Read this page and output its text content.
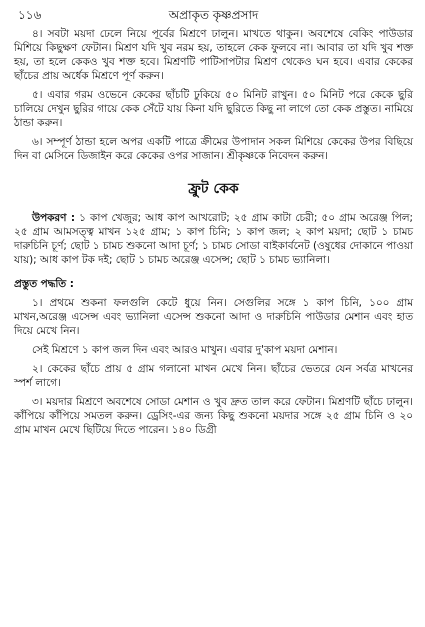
১১৬	অপ্রাকৃত কৃষ্ণপ্রসাদ

৪। সবটা ময়দা ঢেলে নিয়ে পূর্বের মিশ্রণে ঢালুন। মাখতে থাকুন। অবশেষে বেকিং পাউডার মিশিয়ে কিছুক্ষণ ফেটান। মিশ্রণ যদি খুব নরম হয়, তাহলে কেক ফুলবে না। আবার তা যদি খুব শক্ত হয়, তা হলে কেকও খুব শক্ত হবে। মিশ্রণটি পাটিসাপটার মিশ্রণ থেকেও ঘন হবে। এবার কেকের ছাঁচের প্রায় অর্ধেক মিশ্রণে পূর্ণ করুন।

৫। এবার গরম ওভেনে কেকের ছাঁচটি ঢুকিয়ে ৫০ মিনিট রাখুন। ৫০ মিনিট পরে কেকে ছুরি চালিয়ে দেখুন ছুরির গায়ে কেক সেঁটে যায় কিনা যদি ছুরিতে কিছু না লাগে তো কেক প্রস্তুত। নামিয়ে ঠান্ডা করুন।

৬। সম্পূর্ণ ঠান্ডা হলে অপর একটি পাত্রে ক্রীমের উপাদান সকল মিশিয়ে কেকের উপর বিছিয়ে দিন বা মেসিনে ডিজাইন করে কেকের ওপর সাজান। শ্রীকৃষ্ণকে নিবেদন করুন।

ফ্রুট কেক

উপকরণ : ১ কাপ খেজুর; আধ কাপ আখরোট; ২৫ গ্রাম কাটা চেরী; ৫০ গ্রাম অরেঞ্জ পিল; ২৫ গ্রাম আমসত্ত্ব মাখন ১২৫ গ্রাম; ১ কাপ চিনি; ১ কাপ জল; ২ কাপ ময়দা; ছোট ১ চামচ দারুচিনি চূর্ণ; ছোট ১ চামচ শুকনো আদা চূর্ণ; ১ চামচ সোডা বাইকার্বনেট (ওষুধের দোকানে পাওয়া যায়); আধ কাপ টক দই; ছোট ১ চামচ অরেঞ্জ এসেন্স; ছোট ১ চামচ ভ্যানিলা।

প্রস্তুত পদ্ধতি :

১। প্রথমে শুকনা ফলগুলি কেটে ধুয়ে নিন। সেগুলির সঙ্গে ১ কাপ চিনি, ১০০ গ্রাম মাখন,অরেঞ্জ এসেন্স এবং ভ্যানিলা এসেন্স শুকনো আদা ও দারুচিনি পাউডার মেশান এবং হাত দিয়ে মেখে নিন।

সেই মিশ্রণে ১ কাপ জল দিন এবং আরও মাখুন। এবার দু'কাপ ময়দা মেশান।

২। কেকের ছাঁচে প্রায় ৫ গ্রাম গলানো মাখন মেখে নিন। ছাঁচের ভেতরে যেন সর্বত্র মাখনের স্পর্শ লাগে।

৩। ময়দার মিশ্রণে অবশেষে সোডা মেশান ও খুব দ্রুত তাল করে ফেটান। মিশ্রণটি ছাঁচে ঢালুন। কাঁপিয়ে কাঁপিয়ে সমতল করুন। ড্রেসিং-এর জন্য কিছু শুকনো ময়দার সঙ্গে ২৫ গ্রাম চিনি ও ২০ গ্রাম মাখন মেখে ছিটিয়ে দিতে পারেন। ১৪০ ডিগ্রী
